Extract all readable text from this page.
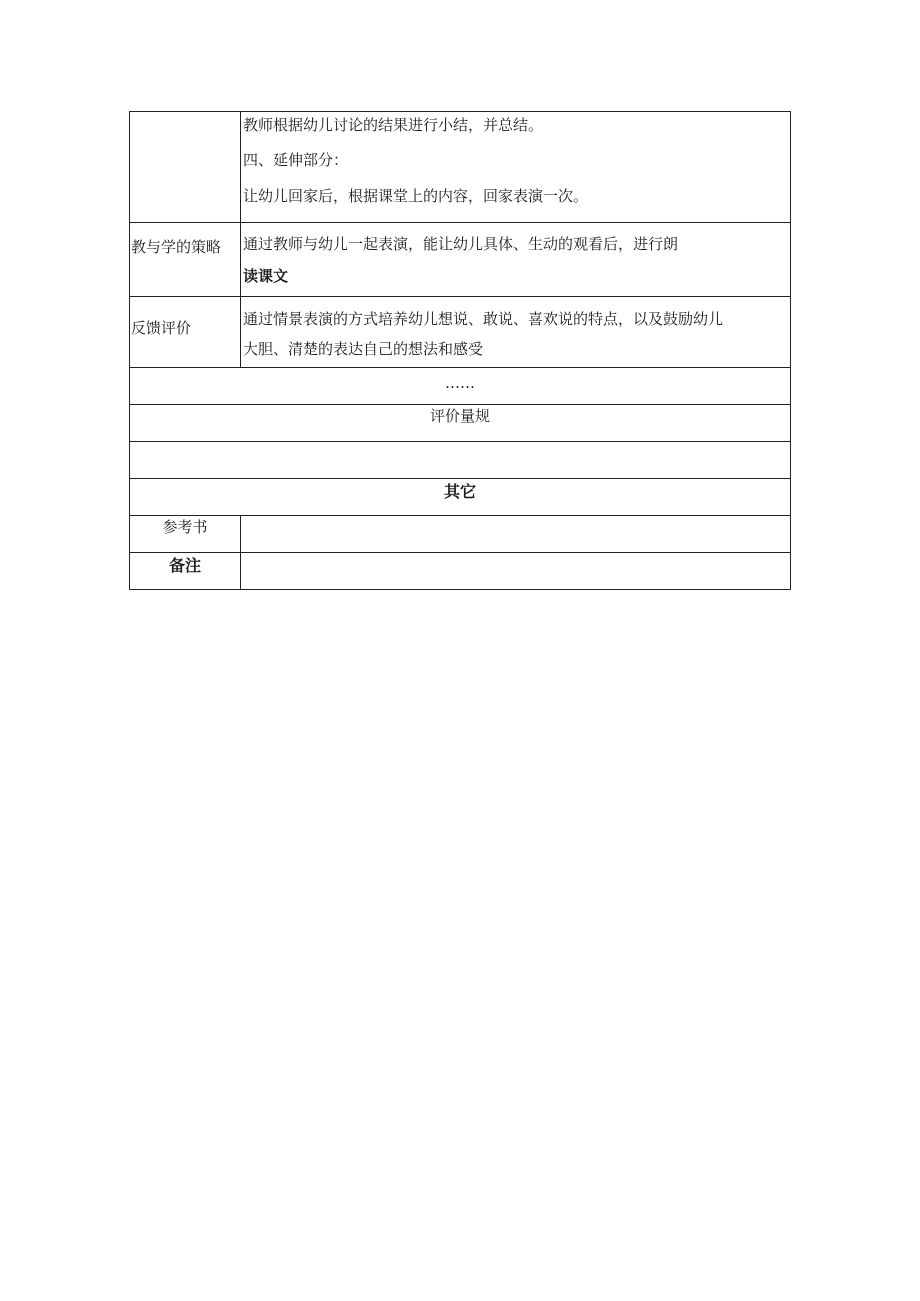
	教师根据幼儿讨论的结果进行小结，并总结。
四、延伸部分：
让幼儿回家后，根据课堂上的内容，回家表演一次。

教与学的策略	通过教师与幼儿一起表演，能让幼儿具体、生动的观看后，进行朗
读课文

反馈评价	通过情景表演的方式培养幼儿想说、敢说、喜欢说的特点，以及鼓励幼儿
大胆、清楚的表达自己的想法和感受

……	
评价量规	

其它	

参考书	

备注	
